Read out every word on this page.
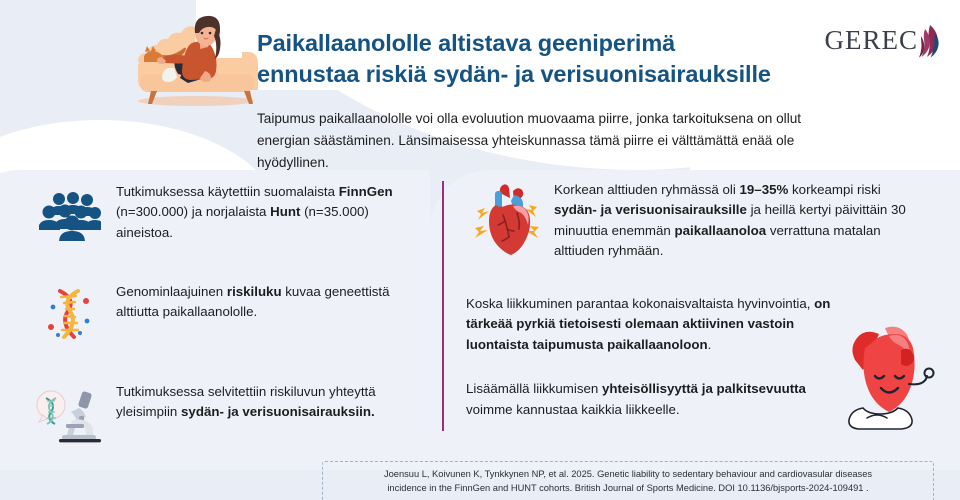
GEREC
Paikallaanololle altistava geeniperimä
ennustaa riskiä sydän- ja verisuonisairauksille

Taipumus paikallaanololle voi olla evoluution muovaama piirre, jonka tarkoituksena on ollut energian säästäminen. Länsimaisessa yhteiskunnassa tämä piirre ei välttämättä enää ole hyödyllinen.

Tutkimuksessa käytettiin suomalaista FinnGen (n=300.000) ja norjalaista Hunt (n=35.000) aineistoa.
Genominlaajuinen riskiluku kuvaa geneettistä alttiutta paikallaanololle.
Tutkimuksessa selvitettiin riskiluvun yhteyttä yleisimpiin sydän- ja verisuonisairauksiin.
Korkean alttiuden ryhmässä oli 19–35% korkeampi riski sydän- ja verisuonisairauksille ja heillä kertyi päivittäin 30 minuuttia enemmän paikallaanoloa verrattuna matalan alttiuden ryhmään.
Koska liikkuminen parantaa kokonaisvaltaista hyvinvointia, on tärkeää pyrkiä tietoisesti olemaan aktiivinen vastoin luontaista taipumusta paikallaanoloon.
Lisäämällä liikkumisen yhteisöllisyyttä ja palkitsevuutta voimme kannustaa kaikkia liikkeelle.

Joensuu L, Koivunen K, Tynkkynen NP, et al. 2025. Genetic liability to sedentary behaviour and cardiovasular diseases

incidence in the FinnGen and HUNT cohorts. British Journal of Sports Medicine. DOI 10.1136/bjsports-2024-109491 .
